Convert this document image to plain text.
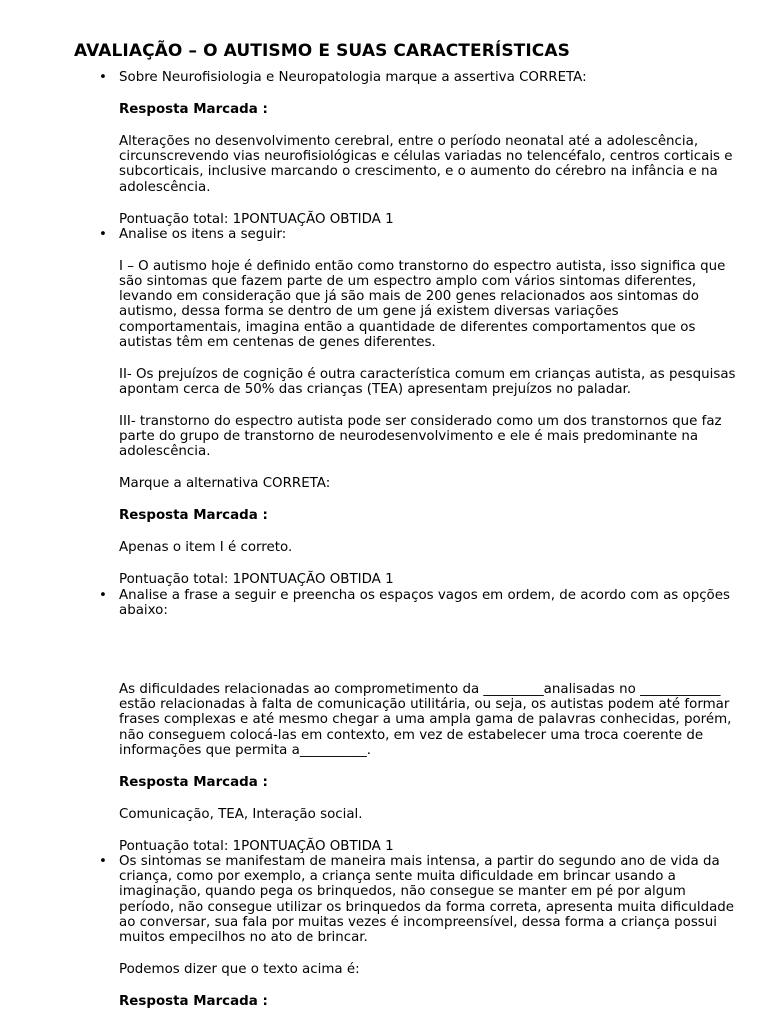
AVALIAÇÃO – O AUTISMO E SUAS CARACTERÍSTICAS
• Sobre Neurofisiologia e Neuropatologia marque a assertiva CORRETA:

Resposta Marcada :

Alterações no desenvolvimento cerebral, entre o período neonatal até a adolescência, circunscrevendo vias neurofisiológicas e células variadas no telencéfalo, centros corticais e subcorticais, inclusive marcando o crescimento, e o aumento do cérebro na infância e na adolescência.

Pontuação total: 1PONTUAÇÃO OBTIDA 1

• Analise os itens a seguir:

I – O autismo hoje é definido então como transtorno do espectro autista, isso significa que são sintomas que fazem parte de um espectro amplo com vários sintomas diferentes, levando em consideração que já são mais de 200 genes relacionados aos sintomas do autismo, dessa forma se dentro de um gene já existem diversas variações comportamentais, imagina então a quantidade de diferentes comportamentos que os autistas têm em centenas de genes diferentes.

II- Os prejuízos de cognição é outra característica comum em crianças autista, as pesquisas apontam cerca de 50% das crianças (TEA) apresentam prejuízos no paladar.

III- transtorno do espectro autista pode ser considerado como um dos transtornos que faz parte do grupo de transtorno de neurodesenvolvimento e ele é mais predominante na adolescência.

Marque a alternativa CORRETA:

Resposta Marcada :

Apenas o item I é correto.

Pontuação total: 1PONTUAÇÃO OBTIDA 1

• Analise a frase a seguir e preencha os espaços vagos em ordem, de acordo com as opções abaixo:

As dificuldades relacionadas ao comprometimento da _________analisadas no ____________ estão relacionadas à falta de comunicação utilitária, ou seja, os autistas podem até formar frases complexas e até mesmo chegar a uma ampla gama de palavras conhecidas, porém, não conseguem colocá-las em contexto, em vez de estabelecer uma troca coerente de informações que permita a__________.

Resposta Marcada :

Comunicação, TEA, Interação social.

Pontuação total: 1PONTUAÇÃO OBTIDA 1

• Os sintomas se manifestam de maneira mais intensa, a partir do segundo ano de vida da criança, como por exemplo, a criança sente muita dificuldade em brincar usando a imaginação, quando pega os brinquedos, não consegue se manter em pé por algum período, não consegue utilizar os brinquedos da forma correta, apresenta muita dificuldade ao conversar, sua fala por muitas vezes é incompreensível, dessa forma a criança possui muitos empecilhos no ato de brincar.

Podemos dizer que o texto acima é:

Resposta Marcada :
